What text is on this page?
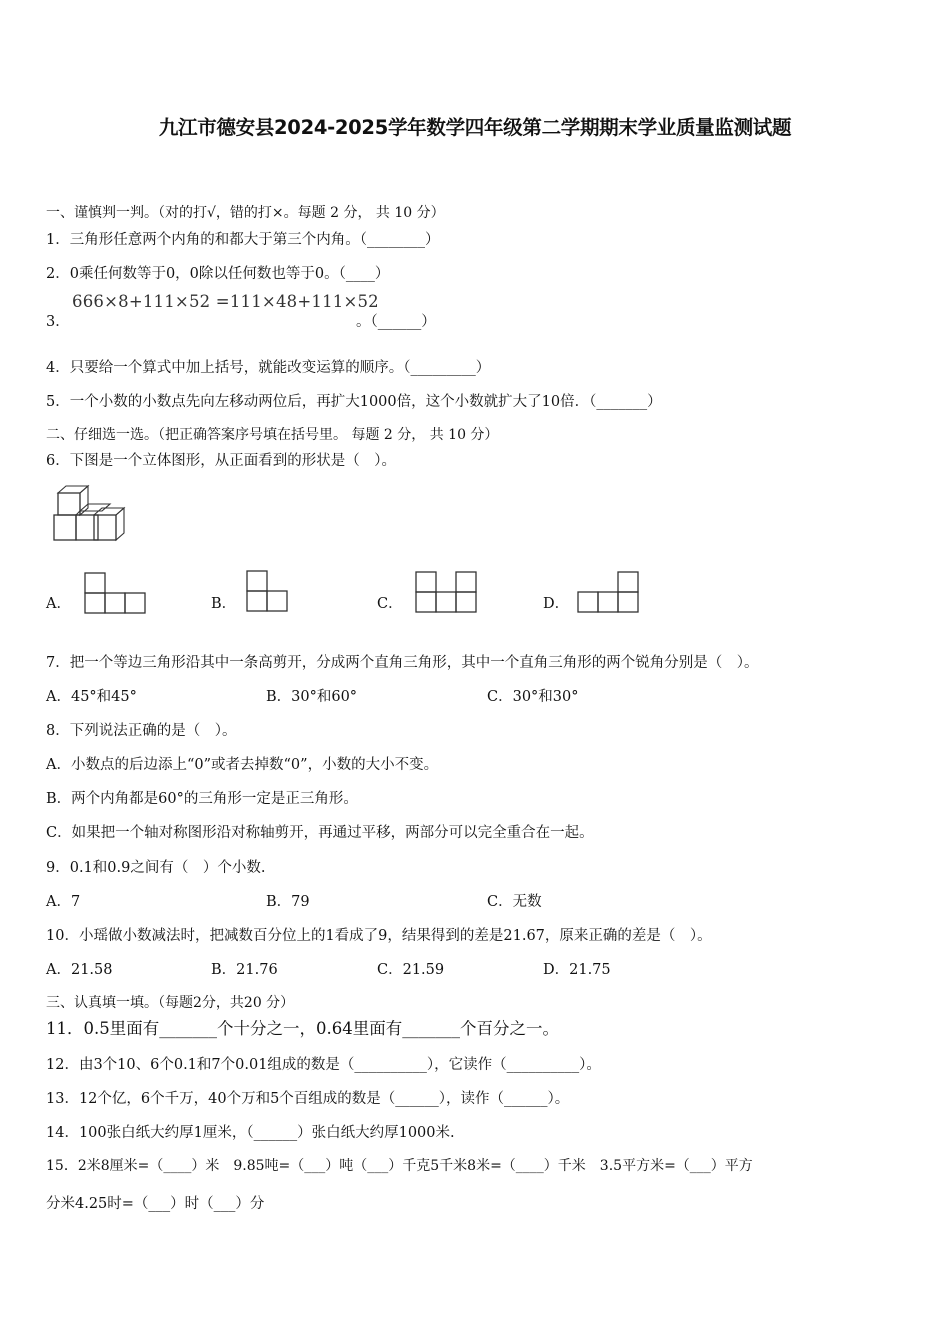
九江市德安县2024-2025学年数学四年级第二学期期末学业质量监测试题
一、谨慎判一判。（对的打√，错的打×。每题 2 分， 共 10 分）
1．三角形任意两个内角的和都大于第三个内角。（________）
2．0乘任何数等于0，0除以任何数也等于0。（____）
3．
666×8+111×52 =111×48+111×52
。（______）
4．只要给一个算式中加上括号，就能改变运算的顺序。（_________）
5．一个小数的小数点先向左移动两位后，再扩大1000倍，这个小数就扩大了10倍．（_______）
二、仔细选一选。（把正确答案序号填在括号里。 每题 2 分， 共 10 分）
6．下图是一个立体图形，从正面看到的形状是（　）。
A．	B．	C．	D．
7．把一个等边三角形沿其中一条高剪开，分成两个直角三角形，其中一个直角三角形的两个锐角分别是（　）。
A．45°和45°	B．30°和60°	C．30°和30°
8．下列说法正确的是（　）。
A．小数点的后边添上“0”或者去掉数“0”，小数的大小不变。
B．两个内角都是60°的三角形一定是正三角形。
C．如果把一个轴对称图形沿对称轴剪开，再通过平移，两部分可以完全重合在一起。
9．0.1和0.9之间有（　）个小数.
A．7	B．79	C．无数
10．小瑶做小数减法时，把减数百分位上的1看成了9，结果得到的差是21.67，原来正确的差是（　）。
A．21.58	B．21.76	C．21.59	D．21.75
三、认真填一填。（每题2分，共20 分）
11．0.5里面有_______个十分之一，0.64里面有_______个百分之一。
12．由3个10、6个0.1和7个0.01组成的数是（__________），它读作（__________）。
13．12个亿，6个千万，40个万和5个百组成的数是（______），读作（______）。
14．100张白纸大约厚1厘米，（______）张白纸大约厚1000米.
15．2米8厘米=（____）米　9.85吨=（___）吨（___）千克5千米8米=（____）千米　3.5平方米=（___）平方
分米4.25时=（___）时（___）分
